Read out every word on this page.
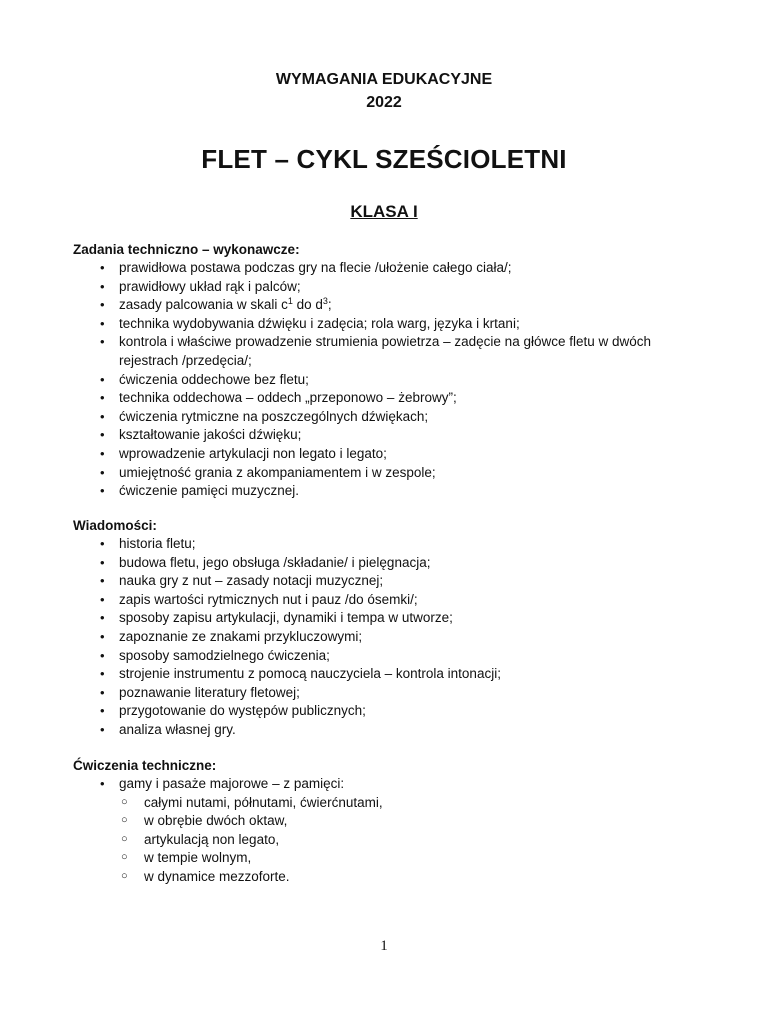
WYMAGANIA EDUKACYJNE
2022
FLET – CYKL SZEŚCIOLETNI
KLASA I

Zadania techniczno – wykonawcze:

• prawidłowa postawa podczas gry na flecie /ułożenie całego ciała/;
• prawidłowy układ rąk i palców;
• zasady palcowania w skali $c^1$ do $d^3$;
• technika wydobywania dźwięku i zadęcia; rola warg, języka i krtani;
• kontrola i właściwe prowadzenie strumienia powietrza – zadęcie na główce fletu w dwóch rejestrach /przedęcia/;
• ćwiczenia oddechowe bez fletu;
• technika oddechowa – oddech „przeponowo – żebrowy”;
• ćwiczenia rytmiczne na poszczególnych dźwiękach;
• kształtowanie jakości dźwięku;
• wprowadzenie artykulacji non legato i legato;
• umiejętność grania z akompaniamentem i w zespole;
• ćwiczenie pamięci muzycznej.

Wiadomości:

• historia fletu;
• budowa fletu, jego obsługa /składanie/ i pielęgnacja;
• nauka gry z nut – zasady notacji muzycznej;
• zapis wartości rytmicznych nut i pauz /do ósemki/;
• sposoby zapisu artykulacji, dynamiki i tempa w utworze;
• zapoznanie ze znakami przykluczowymi;
• sposoby samodzielnego ćwiczenia;
• strojenie instrumentu z pomocą nauczyciela – kontrola intonacji;
• poznawanie literatury fletowej;
• przygotowanie do występów publicznych;
• analiza własnej gry.

Ćwiczenia techniczne:

• gamy i pasaże majorowe – z pamięci:
○ całymi nutami, półnutami, ćwierćnutami,
○ w obrębie dwóch oktaw,
○ artykulacją non legato,
○ w tempie wolnym,
○ w dynamice mezzoforte.
1
